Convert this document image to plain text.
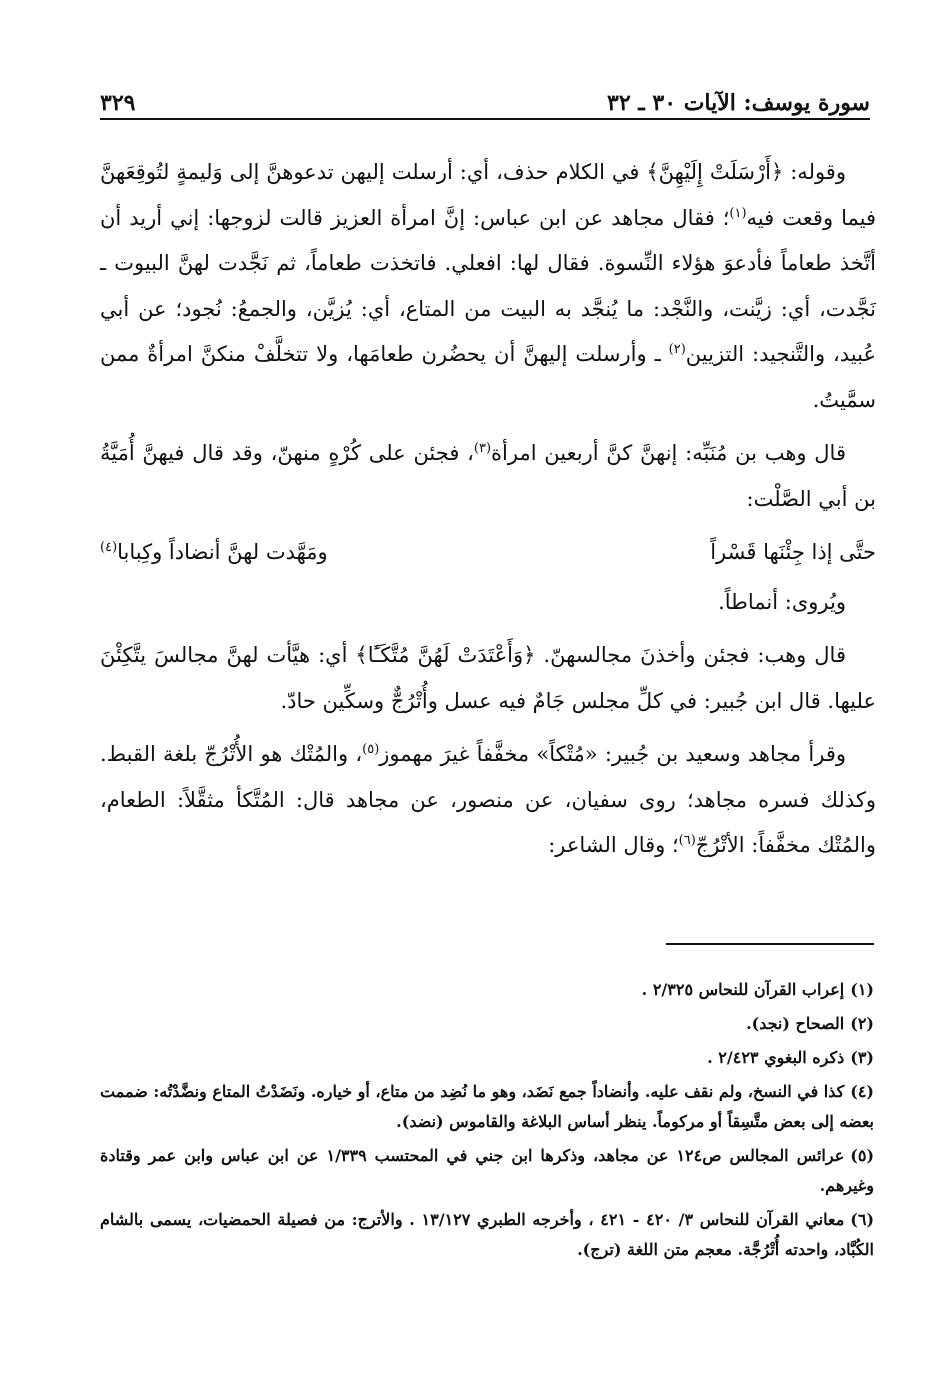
٣٢٩	سورة يوسف: الآيات ٣٠ ـ ٣٢

وقوله: ﴿أَرْسَلَتْ إِلَيْهِنَّ﴾ في الكلام حذف، أي: أرسلت إليهن تدعوهنَّ إلى وَليمةٍ لتُوقِعَهنَّ فيما وقعت فيه$^{(١)}$؛ فقال مجاهد عن ابن عباس: إنَّ امرأة العزيز قالت لزوجها: إني أريد أن أتَّخذ طعاماً فأدعوَ هؤلاء النِّسوة. فقال لها: افعلي. فاتخذت طعاماً، ثم نَجَّدت لهنَّ البيوت ـ نَجَّدت، أي: زيَّنت، والنَّجْد: ما يُنجَّد به البيت من المتاع، أي: يُزيَّن، والجمعُ: نُجود؛ عن أبي عُبيد، والتَّنجيد: التزيين$^{(٢)}$ ـ وأرسلت إليهنَّ أن يحضُرن طعامَها، ولا تتخلَّفْ منكنَّ امرأةٌ ممن سمَّيتُ.

قال وهب بن مُنَبِّه: إنهنَّ كنَّ أربعين امرأة$^{(٣)}$، فجئن على كُرْهٍ منهنّ، وقد قال فيهنَّ أُمَيَّةُ بن أبي الصَّلْت:

حتَّى إذا جِئْنَها قَسْراً
ومَهَّدت لهنَّ أنضاداً وكِبابا$^{(٤)}$

ويُروى: أنماطاً.

قال وهب: فجئن وأخذنَ مجالسهنّ. ﴿وَأَعْتَدَتْ لَهُنَّ مُتَّكَـًٔا﴾ أي: هيَّأت لهنَّ مجالسَ يتَّكِئْنَ عليها. قال ابن جُبير: في كلِّ مجلس جَامٌ فيه عسل وأُتْرُجٌّ وسكِّين حادّ.

وقرأ مجاهد وسعيد بن جُبير: «مُتْكاً» مخفَّفاً غيرَ مهموز$^{(٥)}$، والمُتْك هو الأُتْرُجّ بلغة القبط. وكذلك فسره مجاهد؛ روى سفيان، عن منصور، عن مجاهد قال: المُتَّكأ مثقَّلاً: الطعام، والمُتْك مخفَّفاً: الأتْرُجّ$^{(٦)}$؛ وقال الشاعر:

(١)إعراب القرآن للنحاس ٢/٣٢٥ .
(٢)الصحاح (نجد).
(٣)ذكره البغوي ٢/٤٢٣ .
(٤)كذا في النسخ، ولم نقف عليه. وأنضاداً جمع نَضَد، وهو ما نُضِد من متاع، أو خياره. ونَضَدْتُ المتاع ونضَّدْتُه: ضممت بعضه إلى بعض متَّسِقاً أو مركوماً. ينظر أساس البلاغة والقاموس (نضد).
(٥)عرائس المجالس ص١٢٤ عن مجاهد، وذكرها ابن جني في المحتسب ١/٣٣٩ عن ابن عباس وابن عمر وقتادة وغيرهم.
(٦)معاني القرآن للنحاس ٣/ ٤٢٠ - ٤٢١ ، وأخرجه الطبري ١٣/١٢٧ . والأترج: من فصيلة الحمضيات، يسمى بالشام الكُبَّاد، واحدته أُتْرُجَّة. معجم متن اللغة (ترج).
